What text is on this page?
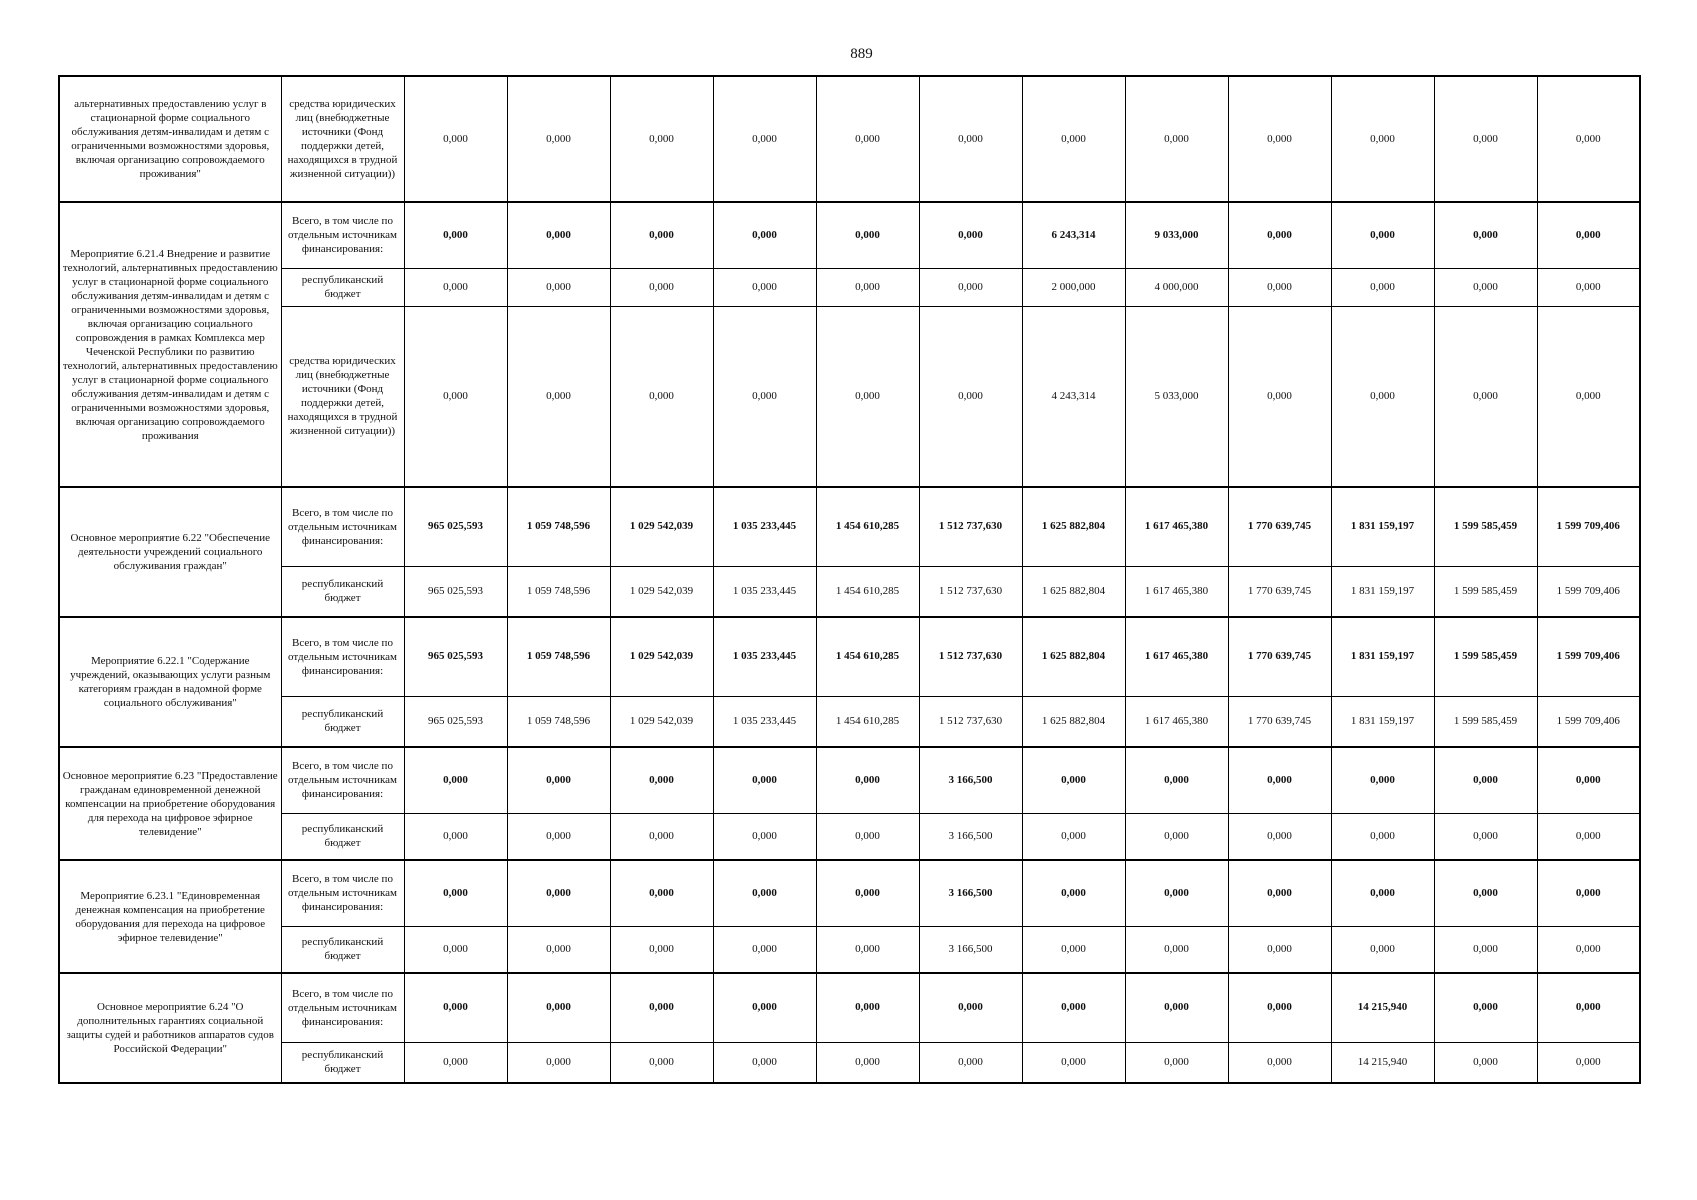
889
альтернативных предоставлению услуг в стационарной форме социального обслуживания детям-инвалидам и детям с ограниченными возможностями здоровья, включая организацию сопровождаемого проживания"	средства юридических лиц (внебюджетные источники (Фонд поддержки детей, находящихся в трудной жизненной ситуации))	0,000	0,000	0,000	0,000	0,000	0,000	0,000	0,000	0,000	0,000	0,000	0,000
Мероприятие 6.21.4 Внедрение и развитие технологий, альтернативных предоставлению услуг в стационарной форме социального обслуживания детям-инвалидам и детям с ограниченными возможностями здоровья, включая организацию социального сопровождения в рамках Комплекса мер Чеченской Республики по развитию технологий, альтернативных предоставлению услуг в стационарной форме социального обслуживания детям-инвалидам и детям с ограниченными возможностями здоровья, включая организацию сопровождаемого проживания	Всего, в том числе по отдельным источникам финансирования:	0,000	0,000	0,000	0,000	0,000	0,000	6 243,314	9 033,000	0,000	0,000	0,000	0,000
	республиканский бюджет	0,000	0,000	0,000	0,000	0,000	0,000	2 000,000	4 000,000	0,000	0,000	0,000	0,000
	средства юридических лиц (внебюджетные источники (Фонд поддержки детей, находящихся в трудной жизненной ситуации))	0,000	0,000	0,000	0,000	0,000	0,000	4 243,314	5 033,000	0,000	0,000	0,000	0,000
Основное мероприятие 6.22 "Обеспечение деятельности учреждений социального обслуживания граждан"	Всего, в том числе по отдельным источникам финансирования:	965 025,593	1 059 748,596	1 029 542,039	1 035 233,445	1 454 610,285	1 512 737,630	1 625 882,804	1 617 465,380	1 770 639,745	1 831 159,197	1 599 585,459	1 599 709,406
	республиканский бюджет	965 025,593	1 059 748,596	1 029 542,039	1 035 233,445	1 454 610,285	1 512 737,630	1 625 882,804	1 617 465,380	1 770 639,745	1 831 159,197	1 599 585,459	1 599 709,406
Мероприятие 6.22.1 "Содержание учреждений, оказывающих услуги разным категориям граждан в надомной форме социального обслуживания"	Всего, в том числе по отдельным источникам финансирования:	965 025,593	1 059 748,596	1 029 542,039	1 035 233,445	1 454 610,285	1 512 737,630	1 625 882,804	1 617 465,380	1 770 639,745	1 831 159,197	1 599 585,459	1 599 709,406
	республиканский бюджет	965 025,593	1 059 748,596	1 029 542,039	1 035 233,445	1 454 610,285	1 512 737,630	1 625 882,804	1 617 465,380	1 770 639,745	1 831 159,197	1 599 585,459	1 599 709,406
Основное мероприятие 6.23 "Предоставление гражданам единовременной денежной компенсации на приобретение оборудования для перехода на цифровое эфирное телевидение"	Всего, в том числе по отдельным источникам финансирования:	0,000	0,000	0,000	0,000	0,000	3 166,500	0,000	0,000	0,000	0,000	0,000	0,000
	республиканский бюджет	0,000	0,000	0,000	0,000	0,000	3 166,500	0,000	0,000	0,000	0,000	0,000	0,000
Мероприятие 6.23.1 "Единовременная денежная компенсация на приобретение оборудования для перехода на цифровое эфирное телевидение"	Всего, в том числе по отдельным источникам финансирования:	0,000	0,000	0,000	0,000	0,000	3 166,500	0,000	0,000	0,000	0,000	0,000	0,000
	республиканский бюджет	0,000	0,000	0,000	0,000	0,000	3 166,500	0,000	0,000	0,000	0,000	0,000	0,000
Основное мероприятие 6.24 "О дополнительных гарантиях социальной защиты судей и работников аппаратов судов Российской Федерации"	Всего, в том числе по отдельным источникам финансирования:	0,000	0,000	0,000	0,000	0,000	0,000	0,000	0,000	0,000	14 215,940	0,000	0,000
	республиканский бюджет	0,000	0,000	0,000	0,000	0,000	0,000	0,000	0,000	0,000	14 215,940	0,000	0,000
